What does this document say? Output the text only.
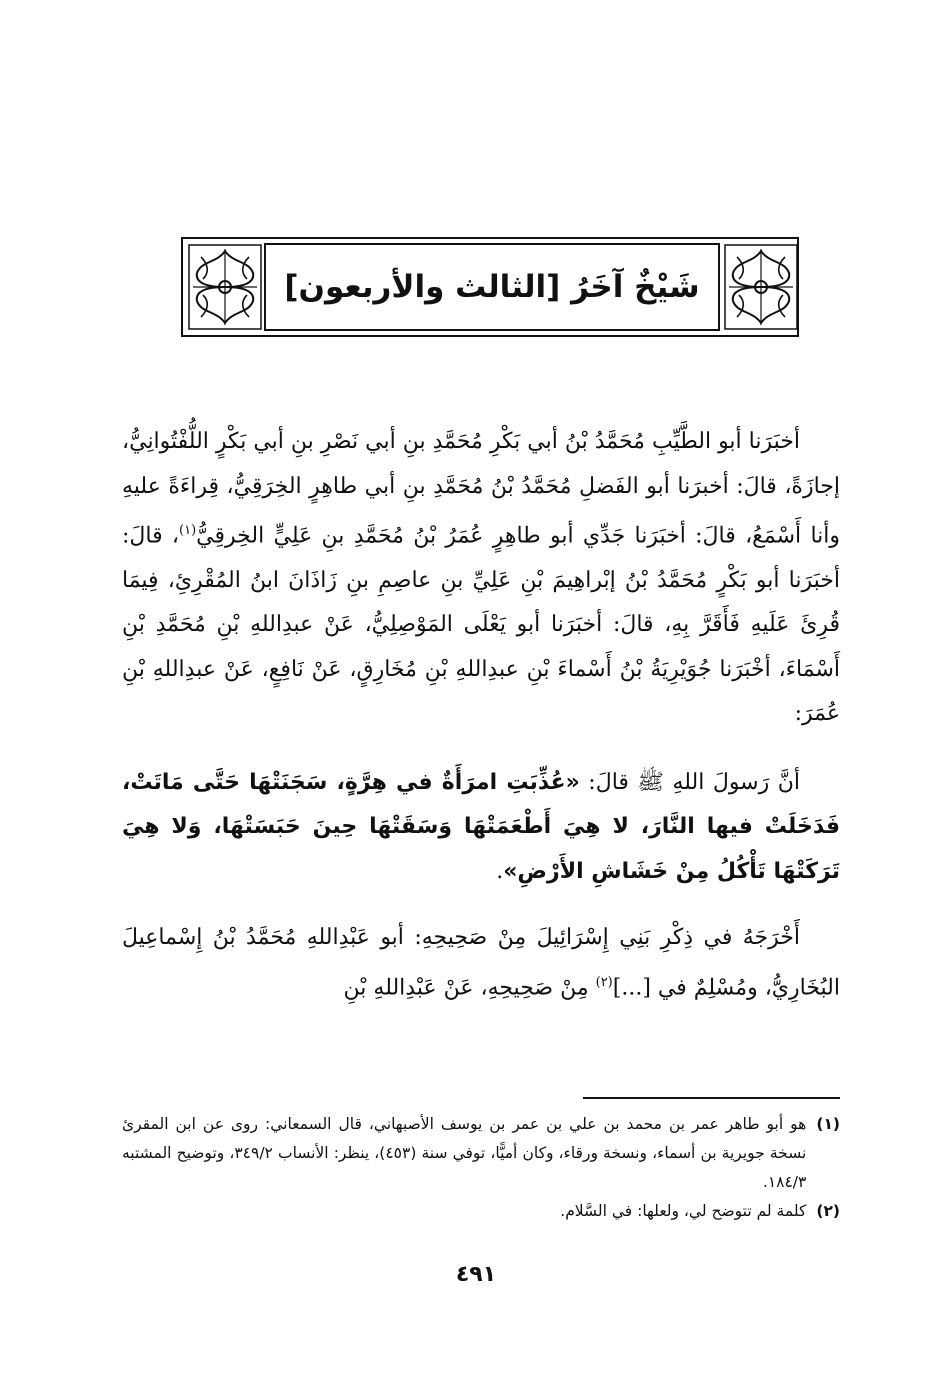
شَيْخٌ آخَرُ [الثالث والأربعون]

أخبَرَنا أبو الطَّيِّبِ مُحَمَّدُ بْنُ أبي بَكْرِ مُحَمَّدِ بنِ أبي نَصْرِ بنِ أبي بَكْرٍ اللُّفْتُوانِيُّ، إجازَةً، قالَ: أخبرَنا أبو الفَضلِ مُحَمَّدُ بْنُ مُحَمَّدِ بنِ أبي طاهِرٍ الخِرَقِيُّ، قِراءَةً عليهِ وأنا أَسْمَعُ، قالَ: أخبَرَنا جَدِّي أبو طاهِرٍ عُمَرُ بْنُ مُحَمَّدِ بنِ عَلِيٍّ الخِرقِيُّ$^{(١)}$، قالَ: أخبَرَنا أبو بَكْرٍ مُحَمَّدُ بْنُ إبْراهِيمَ بْنِ عَلِيِّ بنِ عاصِمِ بنِ زَاذَانَ ابنُ المُقْرِئِ، فِيمَا قُرِئَ عَلَيهِ فَأَقَرَّ بِهِ، قالَ: أخبَرَنا أبو يَعْلَى المَوْصِلِيُّ، عَنْ عبدِاللهِ بْنِ مُحَمَّدِ بْنِ أَسْمَاءَ، أخْبَرَنا جُوَيْرِيَةُ بْنُ أَسْماءَ بْنِ عبدِاللهِ بْنِ مُخَارِقٍ، عَنْ نَافِعٍ، عَنْ عبدِاللهِ بْنِ عُمَرَ:

أنَّ رَسولَ اللهِ ﷺ قالَ: «عُذِّبَتِ امرَأَةٌ في هِرَّةٍ، سَجَنَتْهَا حَتَّى مَاتَتْ، فَدَخَلَتْ فيها النَّارَ، لا هِيَ أَطْعَمَتْهَا وَسَقَتْهَا حِينَ حَبَسَتْهَا، وَلا هِيَ تَرَكَتْهَا تَأْكُلُ مِنْ خَشَاشِ الأَرْضِ».

أَخْرَجَهُ في ذِكْرِ بَنِي إِسْرَائِيلَ مِنْ صَحِيحِهِ: أبو عَبْدِاللهِ مُحَمَّدُ بْنُ إِسْماعِيلَ البُخَارِيُّ، ومُسْلِمٌ في [...]$^{(٢)}$ مِنْ صَحِيحِهِ، عَنْ عَبْدِاللهِ بْنِ

(١)
هو أبو طاهر عمر بن محمد بن علي بن عمر بن يوسف الأصبهاني، قال السمعاني: روى عن ابن المقرئ نسخة جويرية بن أسماء، ونسخة ورقاء، وكان أميًّا، توفي سنة (٤٥٣)، ينظر: الأنساب ٣٤٩/٢، وتوضيح المشتبه ١٨٤/٣.
(٢)
كلمة لم تتوضح لي، ولعلها: في السَّلام.

٤٩١
